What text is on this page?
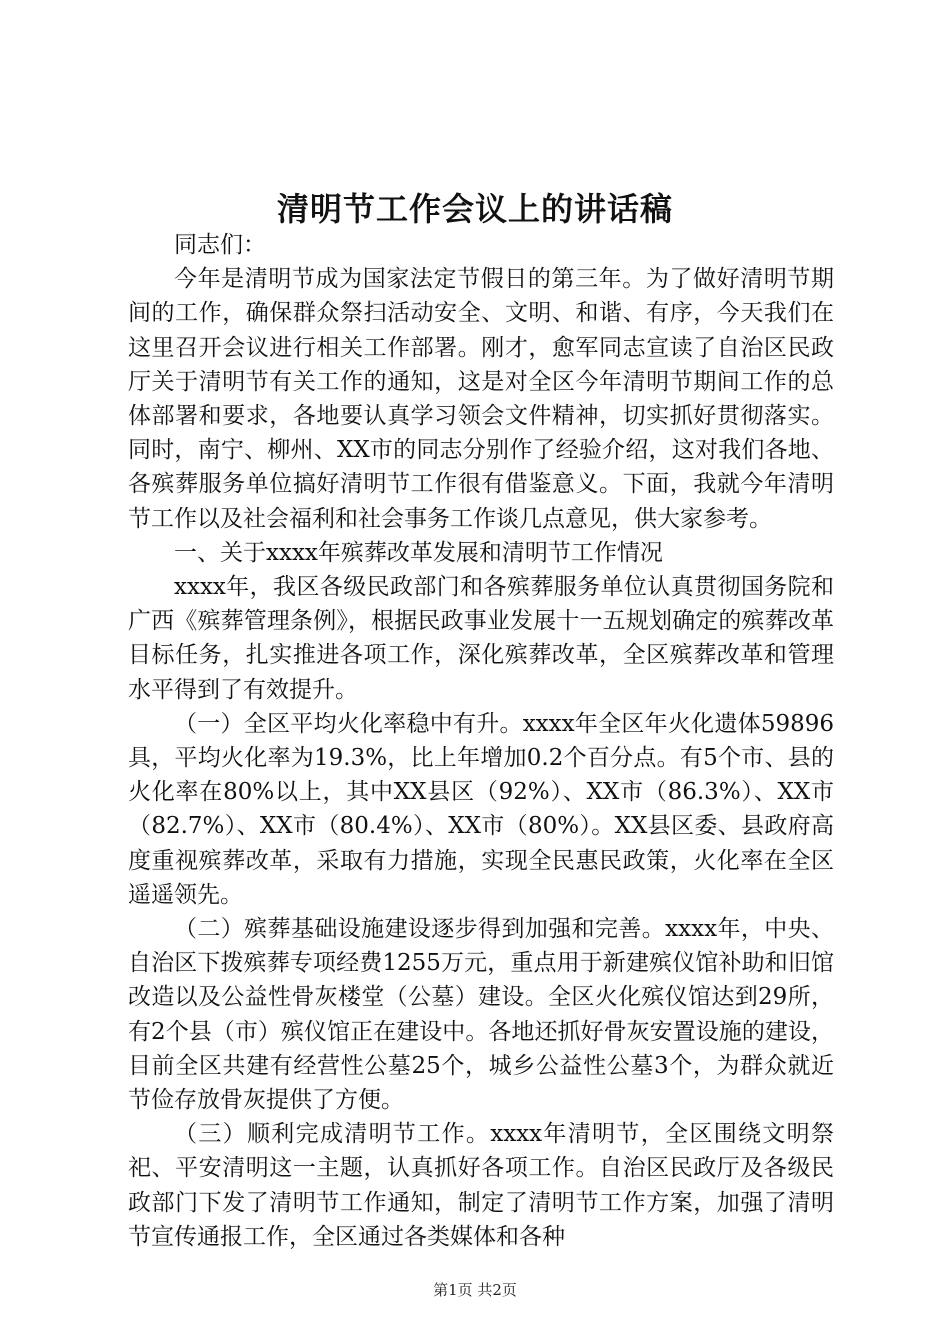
清明节工作会议上的讲话稿

同志们：

今年是清明节成为国家法定节假日的第三年。为了做好清明节期间的工作，确保群众祭扫活动安全、文明、和谐、有序，今天我们在这里召开会议进行相关工作部署。刚才，愈军同志宣读了自治区民政厅关于清明节有关工作的通知，这是对全区今年清明节期间工作的总体部署和要求，各地要认真学习领会文件精神，切实抓好贯彻落实。同时，南宁、柳州、XX市的同志分别作了经验介绍，这对我们各地、各殡葬服务单位搞好清明节工作很有借鉴意义。下面，我就今年清明节工作以及社会福利和社会事务工作谈几点意见，供大家参考。

一、关于xxxx年殡葬改革发展和清明节工作情况

xxxx年，我区各级民政部门和各殡葬服务单位认真贯彻国务院和广西《殡葬管理条例》，根据民政事业发展十一五规划确定的殡葬改革目标任务，扎实推进各项工作，深化殡葬改革，全区殡葬改革和管理水平得到了有效提升。

（一）全区平均火化率稳中有升。xxxx年全区年火化遗体59896具，平均火化率为19.3%，比上年增加0.2个百分点。有5个市、县的火化率在80%以上，其中XX县区（92%）、XX市（86.3%）、XX市（82.7%）、XX市（80.4%）、XX市（80%）。XX县区委、县政府高度重视殡葬改革，采取有力措施，实现全民惠民政策，火化率在全区遥遥领先。

（二）殡葬基础设施建设逐步得到加强和完善。xxxx年，中央、自治区下拨殡葬专项经费1255万元，重点用于新建殡仪馆补助和旧馆改造以及公益性骨灰楼堂（公墓）建设。全区火化殡仪馆达到29所，有2个县（市）殡仪馆正在建设中。各地还抓好骨灰安置设施的建设，目前全区共建有经营性公墓25个，城乡公益性公墓3个，为群众就近节俭存放骨灰提供了方便。

（三）顺利完成清明节工作。xxxx年清明节，全区围绕文明祭祀、平安清明这一主题，认真抓好各项工作。自治区民政厅及各级民政部门下发了清明节工作通知，制定了清明节工作方案，加强了清明节宣传通报工作，全区通过各类媒体和各种

第1页 共2页
